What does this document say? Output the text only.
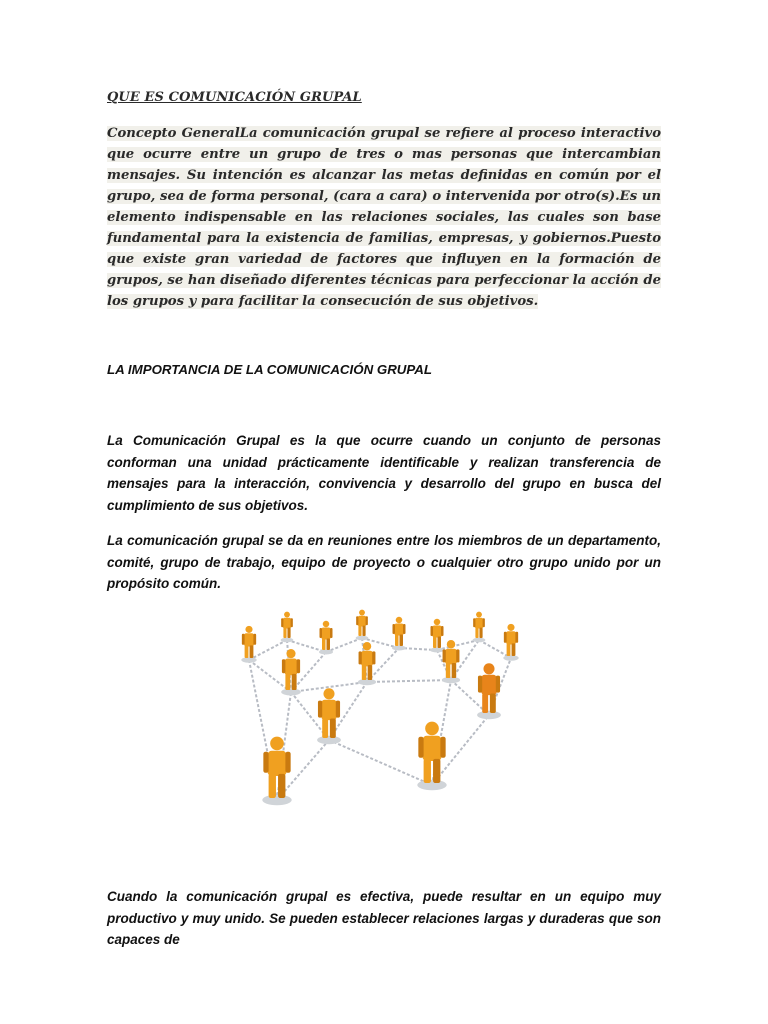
QUE ES COMUNICACIÓN GRUPAL
Concepto GeneralLa comunicación grupal se refiere al proceso interactivo que ocurre entre un grupo de tres o mas personas que intercambian mensajes. Su intención es alcanzar las metas definidas en común por el grupo, sea de forma personal, (cara a cara) o intervenida por otro(s).Es un elemento indispensable en las relaciones sociales, las cuales son base fundamental para la existencia de familias, empresas, y gobiernos.Puesto que existe gran variedad de factores que influyen en la formación de grupos, se han diseñado diferentes técnicas para perfeccionar la acción de los grupos y para facilitar la consecución de sus objetivos.
LA IMPORTANCIA DE LA COMUNICACIÓN GRUPAL
La Comunicación Grupal es la que ocurre cuando un conjunto de personas conforman una unidad prácticamente identificable y realizan transferencia de mensajes para la interacción, convivencia y desarrollo del grupo en busca del cumplimiento de sus objetivos.
La comunicación grupal se da en reuniones entre los miembros de un departamento, comité, grupo de trabajo, equipo de proyecto o cualquier otro grupo unido por un propósito común.
Cuando la comunicación grupal es efectiva, puede resultar en un equipo muy productivo y muy unido. Se pueden establecer relaciones largas y duraderas que son capaces de
